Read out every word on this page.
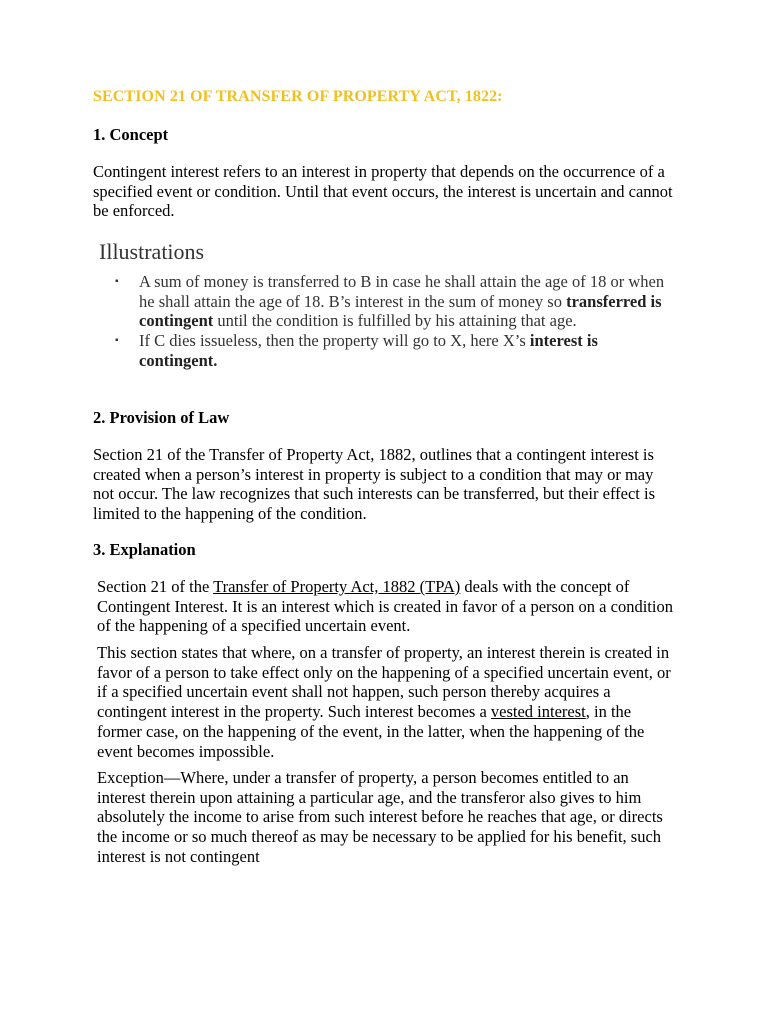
SECTION 21 OF TRANSFER OF PROPERTY ACT, 1822:
1. Concept
Contingent interest refers to an interest in property that depends on the occurrence of a specified event or condition. Until that event occurs, the interest is uncertain and cannot be enforced.
Illustrations
▪ A sum of money is transferred to B in case he shall attain the age of 18 or when he shall attain the age of 18. B’s interest in the sum of money so transferred is contingent until the condition is fulfilled by his attaining that age.
▪ If C dies issueless, then the property will go to X, here X’s interest is contingent.
2. Provision of Law
Section 21 of the Transfer of Property Act, 1882, outlines that a contingent interest is created when a person’s interest in property is subject to a condition that may or may not occur. The law recognizes that such interests can be transferred, but their effect is limited to the happening of the condition.
3. Explanation
Section 21 of the Transfer of Property Act, 1882 (TPA) deals with the concept of Contingent Interest. It is an interest which is created in favor of a person on a condition of the happening of a specified uncertain event.
This section states that where, on a transfer of property, an interest therein is created in favor of a person to take effect only on the happening of a specified uncertain event, or if a specified uncertain event shall not happen, such person thereby acquires a contingent interest in the property. Such interest becomes a vested interest, in the former case, on the happening of the event, in the latter, when the happening of the event becomes impossible.
Exception—Where, under a transfer of property, a person becomes entitled to an interest therein upon attaining a particular age, and the transferor also gives to him absolutely the income to arise from such interest before he reaches that age, or directs the income or so much thereof as may be necessary to be applied for his benefit, such interest is not contingent
